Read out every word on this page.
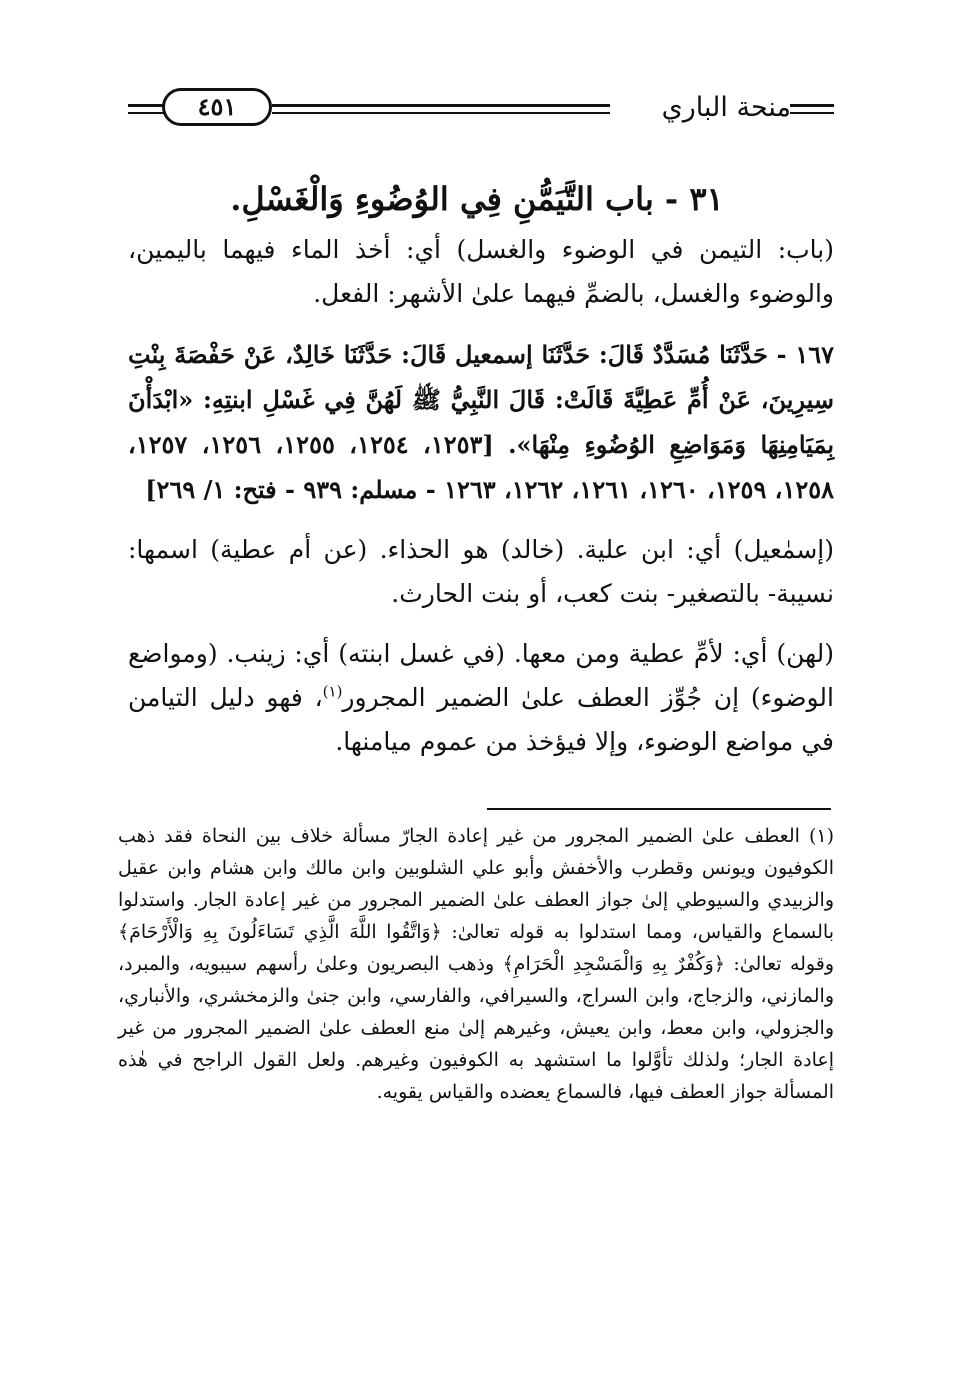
منحة الباري
٤٥١
٣١ - باب التَّيَمُّنِ فِي الوُضُوءِ وَالْغَسْلِ.
(باب: التيمن في الوضوء والغسل) أي: أخذ الماء فيهما باليمين، والوضوء والغسل، بالضمِّ فيهما علىٰ الأشهر: الفعل.
١٦٧ - حَدَّثَنَا مُسَدَّدٌ قَالَ: حَدَّثَنَا إسمعيل قَالَ: حَدَّثَنَا خَالِدٌ، عَنْ حَفْصَةَ بِنْتِ سِيرِينَ، عَنْ أُمِّ عَطِيَّةَ قَالَتْ: قَالَ النَّبِيُّ ﷺ لَهُنَّ فِي غَسْلِ ابنتِهِ: «ابْدَأْنَ بِمَيَامِنِهَا وَمَوَاضِعِ الوُضُوءِ مِنْهَا». [١٢٥٣، ١٢٥٤، ١٢٥٥، ١٢٥٦، ١٢٥٧، ١٢٥٨، ١٢٥٩، ١٢٦٠، ١٢٦١، ١٢٦٢، ١٢٦٣ - مسلم: ٩٣٩ - فتح: ١/ ٢٦٩]
(إسمٰعيل) أي: ابن علية. (خالد) هو الحذاء. (عن أم عطية) اسمها: نسيبة- بالتصغير- بنت كعب، أو بنت الحارث.
(لهن) أي: لأمِّ عطية ومن معها. (في غسل ابنته) أي: زينب. (ومواضع الوضوء) إن جُوِّز العطف علىٰ الضمير المجرور$^{(١)}$، فهو دليل التيامن في مواضع الوضوء، وإلا فيؤخذ من عموم ميامنها.
(١) العطف علىٰ الضمير المجرور من غير إعادة الجارّ مسألة خلاف بين النحاة فقد ذهب الكوفيون ويونس وقطرب والأخفش وأبو علي الشلوبين وابن مالك وابن هشام وابن عقيل والزبيدي والسيوطي إلىٰ جواز العطف علىٰ الضمير المجرور من غير إعادة الجار. واستدلوا بالسماع والقياس، ومما استدلوا به قوله تعالىٰ: ﴿وَاتَّقُوا اللَّهَ الَّذِي تَسَاءَلُونَ بِهِ وَالْأَرْحَامَ﴾ وقوله تعالىٰ: ﴿وَكُفْرٌ بِهِ وَالْمَسْجِدِ الْحَرَامِ﴾ وذهب البصريون وعلىٰ رأسهم سيبويه، والمبرد، والمازني، والزجاج، وابن السراج، والسيرافي، والفارسي، وابن جنىٰ والزمخشري، والأنباري، والجزولي، وابن معط، وابن يعيش، وغيرهم إلىٰ منع العطف علىٰ الضمير المجرور من غير إعادة الجار؛ ولذلك تأوَّلوا ما استشهد به الكوفيون وغيرهم. ولعل القول الراجح في هٰذه المسألة جواز العطف فيها، فالسماع يعضده والقياس يقويه.
